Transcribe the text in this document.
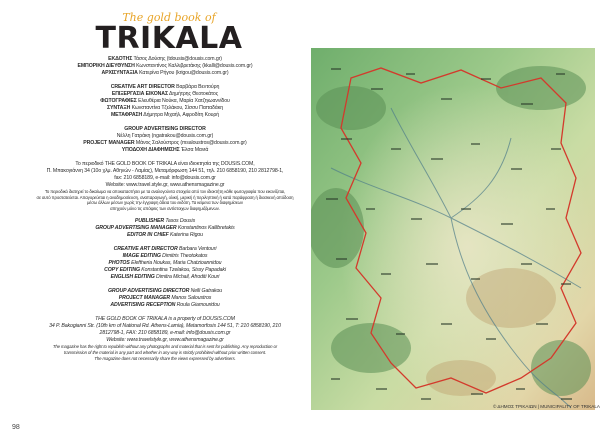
The gold book of
TRIKALA
ΕΚΔΟΤΗΣ Τάσος Δούσης (tdousis@dousis.com.gr)
ΕΜΠΟΡΙΚΗ ΔΙΕΥΘΥΝΣΗ Κωνσταντίνος Καλλιβρετάκης (kkalli@dousis.com.gr)
ΑΡΧΙΣΥΝΤΑΞΙΑ Κατερίνα Ρήγου (krigou@dousis.com.gr)
CREATIVE ART DIRECTOR Βαρβάρα Βεντούρη
ΕΠΙΞΕΡΓΑΣΙΑ ΕΙΚΟΝΑΣ Δημήτρης Θεοτοκάτος
ΦΩΤΟΓΡΑΦΙΕΣ Ελευθέρια Νούκα, Μαρία Χατζηιωαννίδου
ΣΥΝΤΑΞΗ Κωνσταντίνα Τζελάκου, Σίσσυ Παπαδάκη
ΜΕΤΑΦΡΑΣΗ Δήμητρα Μιχαήλ, Αφροδίτη Κουρή
GROUP ADVERTISING DIRECTOR
Νέλλη Γατράκη (ngatrakou@dousis.com.gr)
PROJECT MANAGER Μάνος Σαλούστρος (msaloustros@dousis.com.gr)
ΥΠΟΔΟΧΗ ΔΙΑΦΗΜΙΣΗΣ Έλσα Μανιά
Το περιοδικό THE GOLD BOOK OF TRIKALA είναι ιδιοκτησία της DOUSIS.COM,
Π. Μπακογιάννη 34 (10ο χλμ. Αθηνών - Λαμίας), Μεταμόρφωση 144 51, τηλ. 210 6858190, 210 2812798-1,
fax: 210 6858189, e-mail: info@dousis.com.gr
Website: www.travel.style.gr, www.athensmagazine.gr
Το περιοδικό διατηρεί το δικαίωμα να αποκαταστήσει με τα αναλογούντα στοιχεία από τον ιδιοκτήτη κάθε φωτογραφία που εικονίζεται,
σε αυτό προστατεύεται. Απαγορεύεται η αναδημοσίευση, αναπαραγωγή, ολική, μερική ή περιληπτική ή κατά παράφραση ή διασκευή απόδοση
μέσω άλλων μέσων χωρίς την έγγραφη άδεια του εκδότη. Τα κείμενα των διαφημίσεων
απηχούν μόνο τις απόψεις των αντίστοιχων διαφημιζόμενων.
PUBLISHER Tasos Dousis
GROUP ADVERTISING MANAGER Konstantinos Kallibretakis
EDITOR IN CHIEF Katerina Rigou
CREATIVE ART DIRECTOR Barbara Ventouri
IMAGE EDITING Dimitris Theotokatos
PHOTOS Eleftheria Noukas, Maria Chatzioannidou
COPY EDITING Konstantina Tzelakou, Sissy Papadaki
ENGLISH EDITING Dimitra Michail, Afroditi Kouri
GROUP ADVERTISING DIRECTOR Nelli Gatrakou
PROJECT MANAGER Manos Saloustros
ADVERTISING RECEPTION Roula Giamouridou
THE GOLD BOOK OF TRIKALA is a property of DOUSIS.COM
34 P. Bakogianni Str. (10th km of National Rd. Athens-Lamia), Metamorfosis 144 51, T: 210 6858190, 210
2812798-1, FAX: 210 6858189, e-mail: info@dousis.com.gr
Website: www.travelstyle.gr, www.athensmagazine.gr
The magazine has the right to republish without any photographs and material that is sent for publishing. Any reproduction or
transmission of the material in any part and whether in any way is strictly prohibited without prior written consent.
The magazine does not necessarily share the views expressed by advertisers.
© ΔΗΜΟΣ ΤΡΙΚΑΙΩΝ | MUNICIPALITY OF TRIKALA
98
